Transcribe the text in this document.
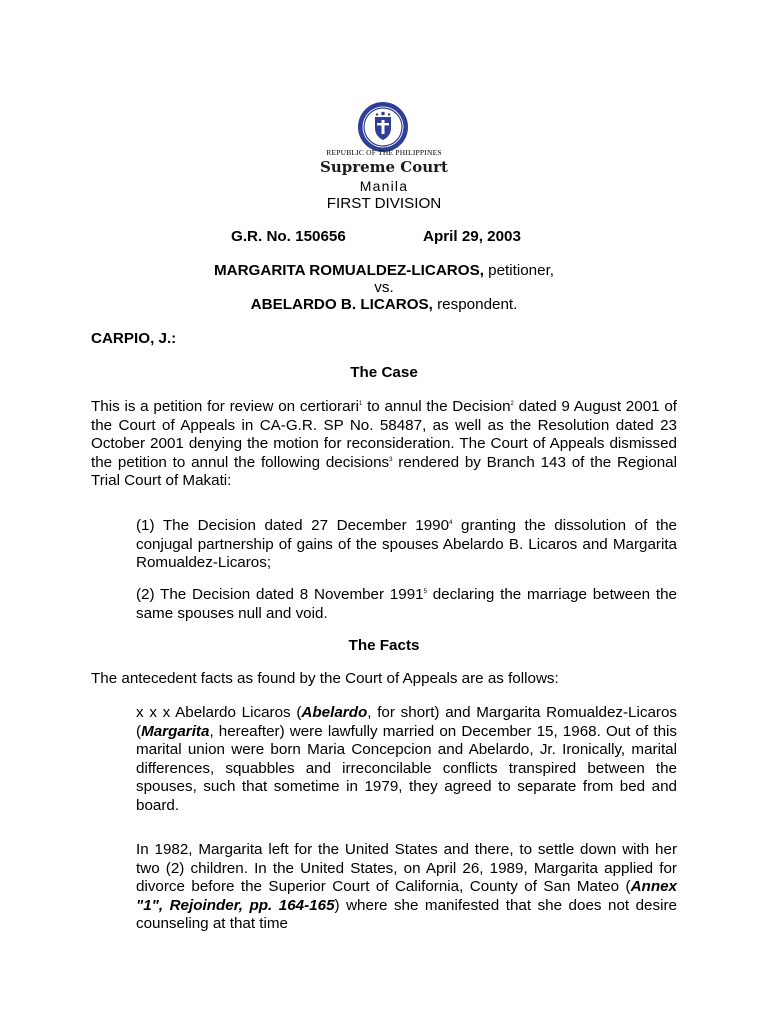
REPUBLIC OF THE PHILIPPINES
Supreme Court
Manila
FIRST DIVISION
G.R. No. 150656	April 29, 2003
MARGARITA ROMUALDEZ-LICAROS, petitioner,
vs.
ABELARDO B. LICAROS, respondent.
CARPIO, J.:
The Case

This is a petition for review on certiorari$^1$ to annul the Decision$^2$ dated 9 August 2001 of the Court of Appeals in CA-G.R. SP No. 58487, as well as the Resolution dated 23 October 2001 denying the motion for reconsideration. The Court of Appeals dismissed the petition to annul the following decisions$^3$ rendered by Branch 143 of the Regional Trial Court of Makati:

(1) The Decision dated 27 December 1990$^4$ granting the dissolution of the conjugal partnership of gains of the spouses Abelardo B. Licaros and Margarita Romualdez-Licaros;

(2) The Decision dated 8 November 1991$^5$ declaring the marriage between the same spouses null and void.

The Facts

The antecedent facts as found by the Court of Appeals are as follows:

x x x Abelardo Licaros (Abelardo, for short) and Margarita Romualdez-Licaros (Margarita, hereafter) were lawfully married on December 15, 1968. Out of this marital union were born Maria Concepcion and Abelardo, Jr. Ironically, marital differences, squabbles and irreconcilable conflicts transpired between the spouses, such that sometime in 1979, they agreed to separate from bed and board.

In 1982, Margarita left for the United States and there, to settle down with her two (2) children. In the United States, on April 26, 1989, Margarita applied for divorce before the Superior Court of California, County of San Mateo (Annex "1", Rejoinder, pp. 164-165) where she manifested that she does not desire counseling at that time
